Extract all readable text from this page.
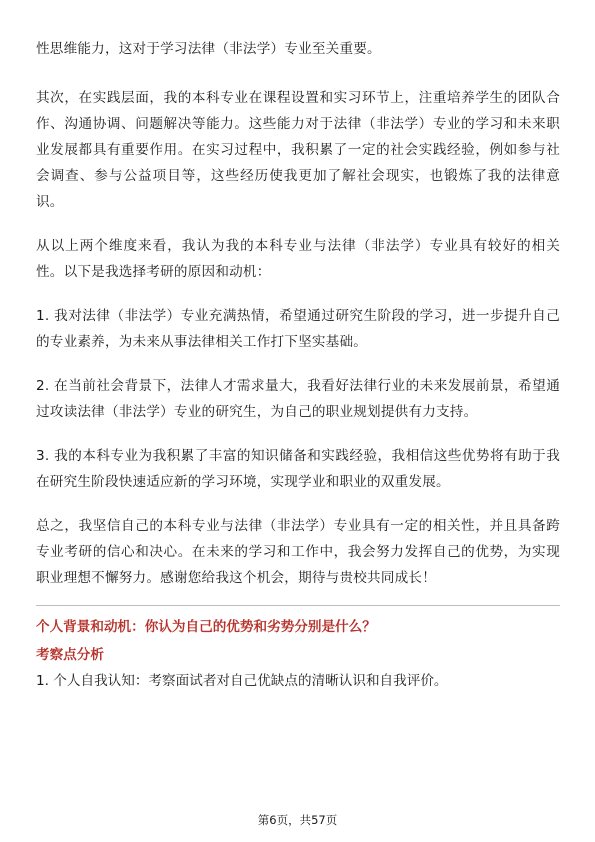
性思维能力，这对于学习法律（非法学）专业至关重要。

其次，在实践层面，我的本科专业在课程设置和实习环节上，注重培养学生的团队合作、沟通协调、问题解决等能力。这些能力对于法律（非法学）专业的学习和未来职业发展都具有重要作用。在实习过程中，我积累了一定的社会实践经验，例如参与社会调查、参与公益项目等，这些经历使我更加了解社会现实，也锻炼了我的法律意识。

从以上两个维度来看，我认为我的本科专业与法律（非法学）专业具有较好的相关性。以下是我选择考研的原因和动机：

1. 我对法律（非法学）专业充满热情，希望通过研究生阶段的学习，进一步提升自己的专业素养，为未来从事法律相关工作打下坚实基础。

2. 在当前社会背景下，法律人才需求量大，我看好法律行业的未来发展前景，希望通过攻读法律（非法学）专业的研究生，为自己的职业规划提供有力支持。

3. 我的本科专业为我积累了丰富的知识储备和实践经验，我相信这些优势将有助于我在研究生阶段快速适应新的学习环境，实现学业和职业的双重发展。

总之，我坚信自己的本科专业与法律（非法学）专业具有一定的相关性，并且具备跨专业考研的信心和决心。在未来的学习和工作中，我会努力发挥自己的优势，为实现职业理想不懈努力。感谢您给我这个机会，期待与贵校共同成长！

个人背景和动机：你认为自己的优势和劣势分别是什么？
考察点分析

1. 个人自我认知：考察面试者对自己优缺点的清晰认识和自我评价。

第6页，共57页
